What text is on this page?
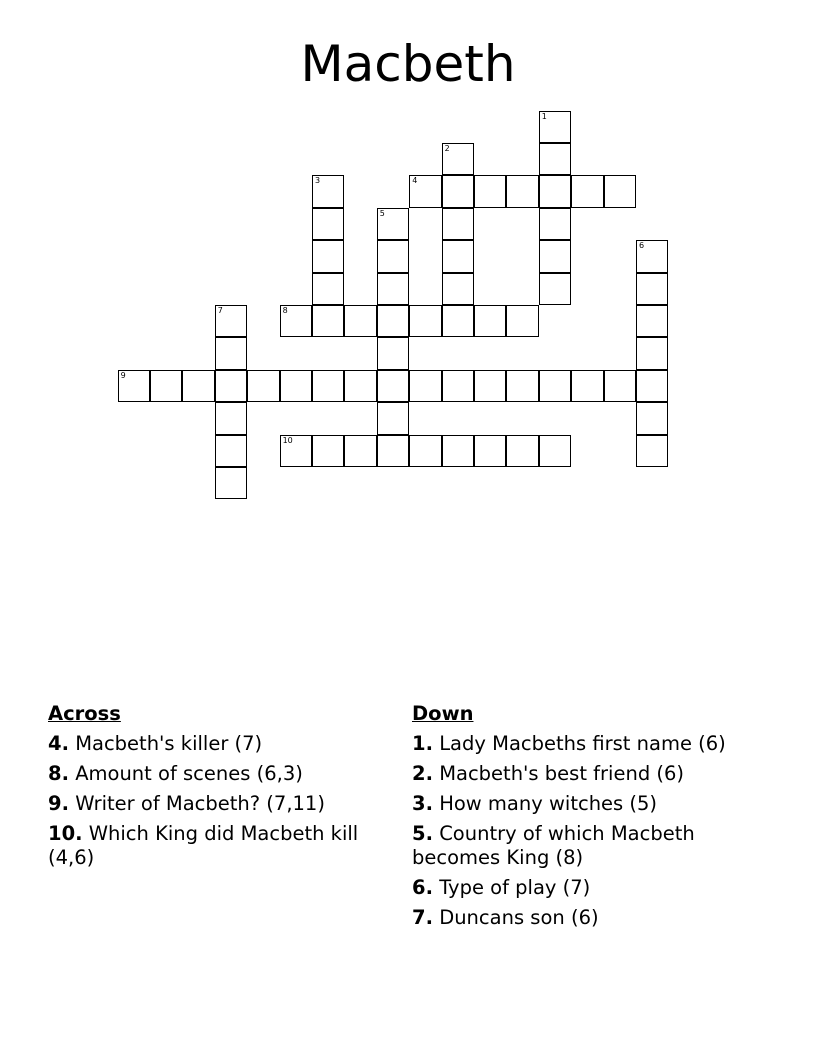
Macbeth
1
2
3	4
5
6
7	8
9
10
Across
4. Macbeth's killer (7)
8. Amount of scenes (6,3)
9. Writer of Macbeth? (7,11)
10. Which King did Macbeth kill (4,6)
Down
1. Lady Macbeths first name (6)
2. Macbeth's best friend (6)
3. How many witches (5)
5. Country of which Macbeth becomes King (8)
6. Type of play (7)
7. Duncans son (6)
